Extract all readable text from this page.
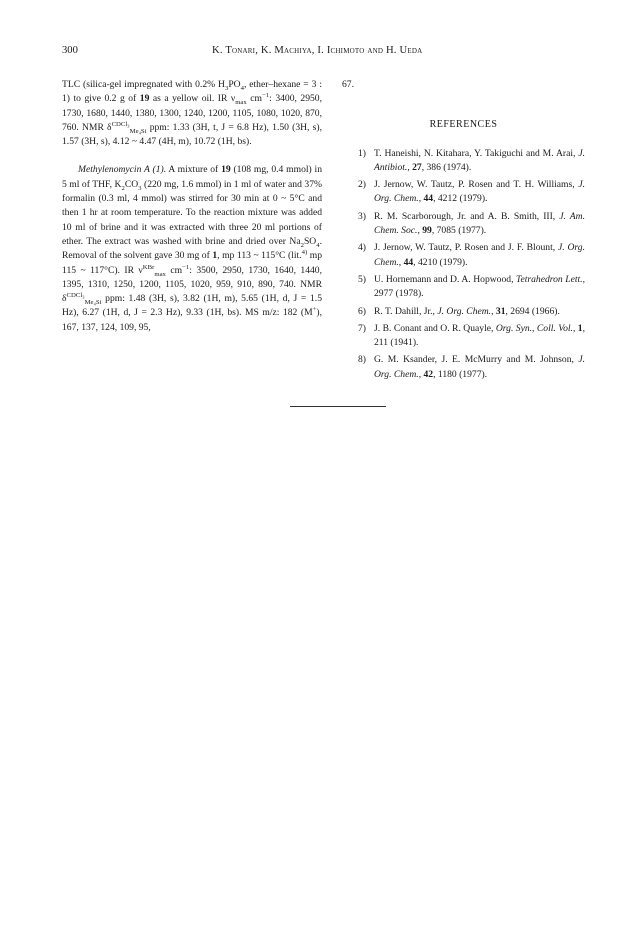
300	K. Tonari, K. Machiya, I. Ichimoto and H. Ueda

TLC (silica-gel impregnated with 0.2% $H_3PO_4$, ether–hexane = 3 : 1) to give 0.2 g of 19 as a yellow oil. IR $\nu_{max}$ $cm^{-1}$: 3400, 2950, 1730, 1680, 1440, 1380, 1300, 1240, 1200, 1105, 1080, 1020, 870, 760. NMR $\delta^{CDCl_3}_{Me_4Si}$ ppm: 1.33 (3H, t, J = 6.8 Hz), 1.50 (3H, s), 1.57 (3H, s), 4.12 ~ 4.47 (4H, m), 10.72 (1H, bs).

Methylenomycin A (1). A mixture of 19 (108 mg, 0.4 mmol) in 5 ml of THF, $K_2CO_3$ (220 mg, 1.6 mmol) in 1 ml of water and 37% formalin (0.3 ml, 4 mmol) was stirred for 30 min at 0 ~ 5°C and then 1 hr at room temperature. To the reaction mixture was added 10 ml of brine and it was extracted with three 20 ml portions of ether. The extract was washed with brine and dried over $Na_2SO_4$. Removal of the solvent gave 30 mg of 1, mp 113 ~ 115°C (lit.$^{4)}$ mp 115 ~ 117°C). IR $\nu^{KBr}_{max}$ $cm^{-1}$: 3500, 2950, 1730, 1640, 1440, 1395, 1310, 1250, 1200, 1105, 1020, 959, 910, 890, 740. NMR $\delta^{CDCl_3}_{Me_4Si}$ ppm: 1.48 (3H, s), 3.82 (1H, m), 5.65 (1H, d, J = 1.5 Hz), 6.27 (1H, d, J = 2.3 Hz), 9.33 (1H, bs). MS m/z: 182 (M+), 167, 137, 124, 109, 95,

67.

REFERENCES
1) T. Haneishi, N. Kitahara, Y. Takiguchi and M. Arai, J. Antibiot., 27, 386 (1974).
2) J. Jernow, W. Tautz, P. Rosen and T. H. Williams, J. Org. Chem., 44, 4212 (1979).
3) R. M. Scarborough, Jr. and A. B. Smith, III, J. Am. Chem. Soc., 99, 7085 (1977).
4) J. Jernow, W. Tautz, P. Rosen and J. F. Blount, J. Org. Chem., 44, 4210 (1979).
5) U. Hornemann and D. A. Hopwood, Tetrahedron Lett., 2977 (1978).
6) R. T. Dahill, Jr., J. Org. Chem., 31, 2694 (1966).
7) J. B. Conant and O. R. Quayle, Org. Syn., Coll. Vol., 1, 211 (1941).
8) G. M. Ksander, J. E. McMurry and M. Johnson, J. Org. Chem., 42, 1180 (1977).
